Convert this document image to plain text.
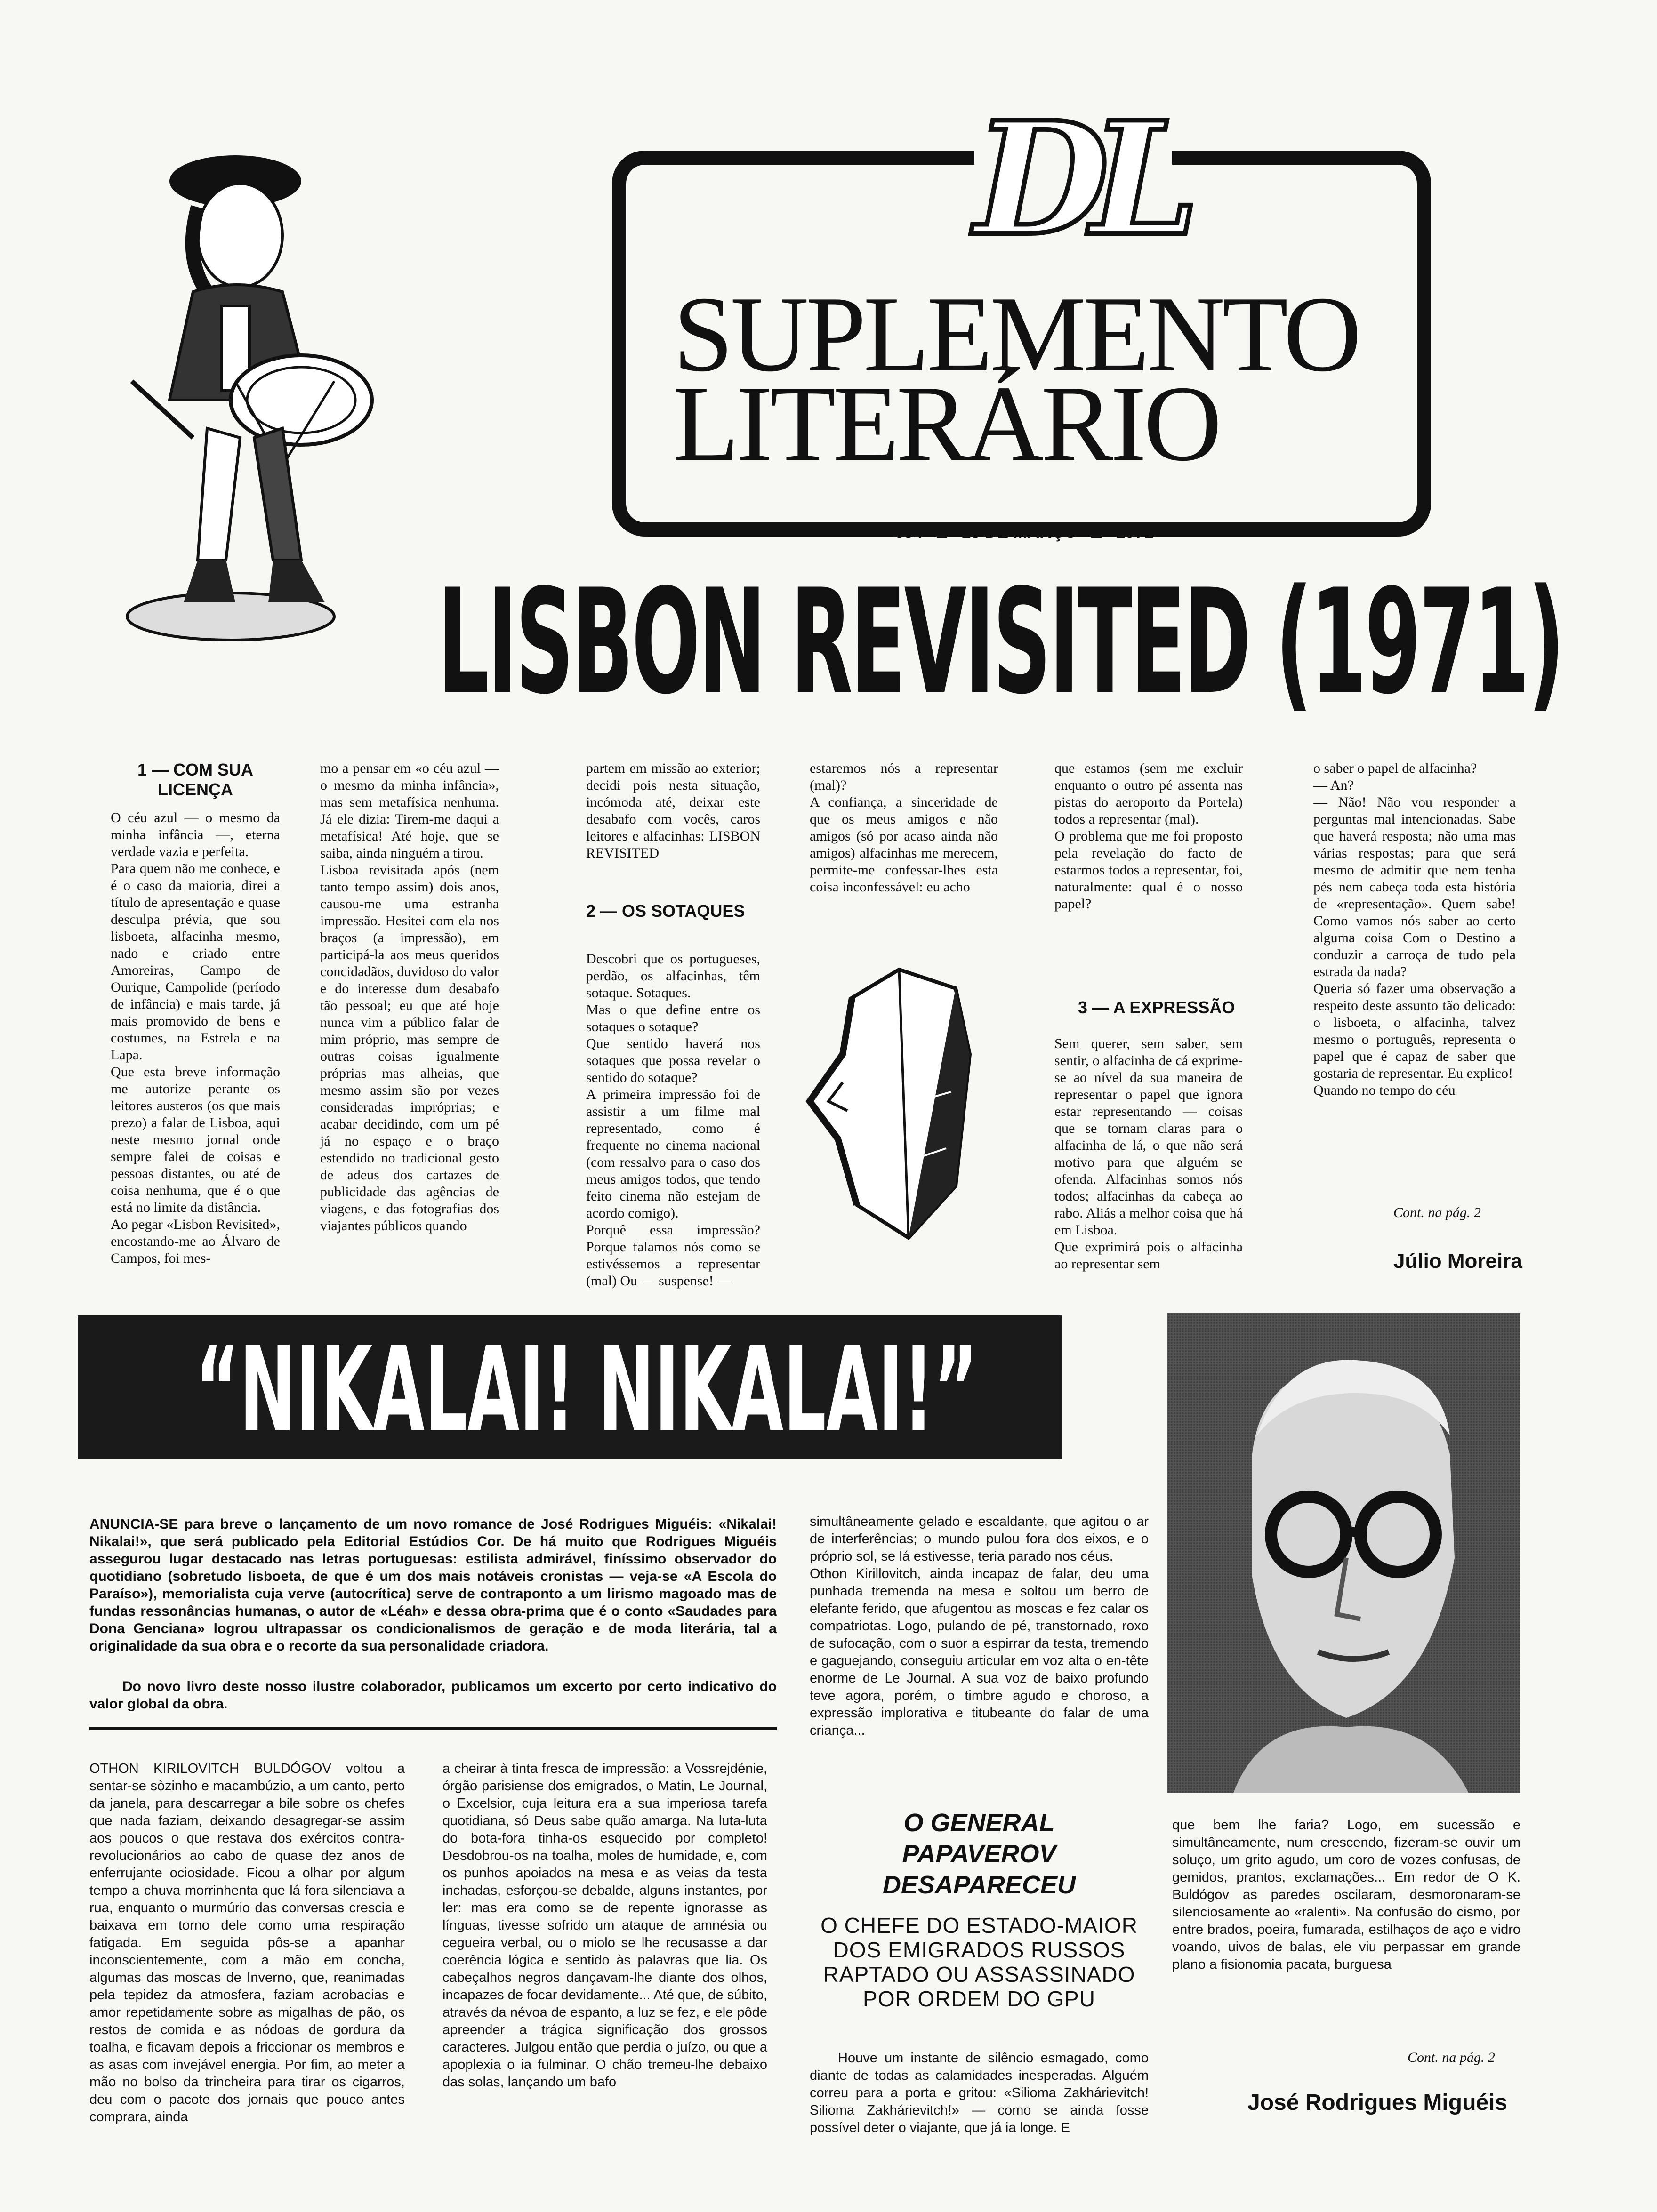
DL
SUPLEMENTO
LITERÁRIO
654 18 DE MARÇO 1971
LISBON REVISITED (1971)
1 — COM SUA LICENÇA
O céu azul — o mesmo da minha infância —, eterna verdade vazia e perfeita.
Para quem não me conhece, e é o caso da maioria, direi a título de apresentação e quase desculpa prévia, que sou lisboeta, alfacinha mesmo, nado e criado entre Amoreiras, Campo de Ourique, Campolide (período de infância) e mais tarde, já mais promovido de bens e costumes, na Estrela e na Lapa.
Que esta breve informação me autorize perante os leitores austeros (os que mais prezo) a falar de Lisboa, aqui neste mesmo jornal onde sempre falei de coisas e pessoas distantes, ou até de coisa nenhuma, que é o que está no limite da distância.
Ao pegar «Lisbon Revisited», encostando-me ao Álvaro de Campos, foi mes-
mo a pensar em «o céu azul — o mesmo da minha infância», mas sem metafísica nenhuma. Já ele dizia: Tirem-me daqui a metafísica! Até hoje, que se saiba, ainda ninguém a tirou.
Lisboa revisitada após (nem tanto tempo assim) dois anos, causou-me uma estranha impressão. Hesitei com ela nos braços (a impressão), em participá-la aos meus queridos concidadãos, duvidoso do valor e do interesse dum desabafo tão pessoal; eu que até hoje nunca vim a público falar de mim próprio, mas sempre de outras coisas igualmente próprias mas alheias, que mesmo assim são por vezes consideradas impróprias; e acabar decidindo, com um pé já no espaço e o braço estendido no tradicional gesto de adeus dos cartazes de publicidade das agências de viagens, e das fotografias dos viajantes públicos quando
partem em missão ao exterior; decidi pois nesta situação, incómoda até, deixar este desabafo com vocês, caros leitores e alfacinhas: LISBON REVISITED
2 — OS SOTAQUES
Descobri que os portugueses, perdão, os alfacinhas, têm sotaque. Sotaques.
Mas o que define entre os sotaques o sotaque?
Que sentido haverá nos sotaques que possa revelar o sentido do sotaque?
A primeira impressão foi de assistir a um filme mal representado, como é frequente no cinema nacional (com ressalvo para o caso dos meus amigos todos, que tendo feito cinema não estejam de acordo comigo).
Porquê essa impressão? Porque falamos nós como se estivéssemos a representar (mal) Ou — suspense! —
estaremos nós a representar (mal)?
A confiança, a sinceridade de que os meus amigos e não amigos (só por acaso ainda não amigos) alfacinhas me merecem, permite-me confessar-lhes esta coisa inconfessável: eu acho
que estamos (sem me excluir enquanto o outro pé assenta nas pistas do aeroporto da Portela) todos a representar (mal).
O problema que me foi proposto pela revelação do facto de estarmos todos a representar, foi, naturalmente: qual é o nosso papel?
3 — A EXPRESSÃO
Sem querer, sem saber, sem sentir, o alfacinha de cá exprime-se ao nível da sua maneira de representar o papel que ignora estar representando — coisas que se tornam claras para o alfacinha de lá, o que não será motivo para que alguém se ofenda. Alfacinhas somos nós todos; alfacinhas da cabeça ao rabo. Aliás a melhor coisa que há em Lisboa.
Que exprimirá pois o alfacinha ao representar sem
o saber o papel de alfacinha?
— An?
— Não! Não vou responder a perguntas mal intencionadas. Sabe que haverá resposta; não uma mas várias respostas; para que será mesmo de admitir que nem tenha pés nem cabeça toda esta história de «representação». Quem sabe! Como vamos nós saber ao certo alguma coisa Com o Destino a conduzir a carroça de tudo pela estrada da nada?
Queria só fazer uma observação a respeito deste assunto tão delicado: o lisboeta, o alfacinha, talvez mesmo o português, representa o papel que é capaz de saber que gostaria de representar. Eu explico!
Quando no tempo do céu
Cont. na pág. 2
Júlio Moreira
“NIKALAI! NIKALAI!”
ANUNCIA-SE para breve o lançamento de um novo romance de José Rodrigues Miguéis: «Nikalai! Nikalai!», que será publicado pela Editorial Estúdios Cor. De há muito que Rodrigues Miguéis assegurou lugar destacado nas letras portuguesas: estilista admirável, finíssimo observador do quotidiano (sobretudo lisboeta, de que é um dos mais notáveis cronistas — veja-se «A Escola do Paraíso»), memorialista cuja verve (autocrítica) serve de contraponto a um lirismo magoado mas de fundas ressonâncias humanas, o autor de «Léah» e dessa obra-prima que é o conto «Saudades para Dona Genciana» logrou ultrapassar os condicionalismos de geração e de moda literária, tal a originalidade da sua obra e o recorte da sua personalidade criadora.
Do novo livro deste nosso ilustre colaborador, publicamos um excerto por certo indicativo do valor global da obra.
OTHON KIRILOVITCH BULDÓGOV voltou a sentar-se sòzinho e macambúzio, a um canto, perto da janela, para descarregar a bile sobre os chefes que nada faziam, deixando desagregar-se assim aos poucos o que restava dos exércitos contra-revolucionários ao cabo de quase dez anos de enferrujante ociosidade. Ficou a olhar por algum tempo a chuva morrinhenta que lá fora silenciava a rua, enquanto o murmúrio das conversas crescia e baixava em torno dele como uma respiração fatigada. Em seguida pôs-se a apanhar inconscientemente, com a mão em concha, algumas das moscas de Inverno, que, reanimadas pela tepidez da atmosfera, faziam acrobacias e amor repetidamente sobre as migalhas de pão, os restos de comida e as nódoas de gordura da toalha, e ficavam depois a friccionar os membros e as asas com invejável energia. Por fim, ao meter a mão no bolso da trincheira para tirar os cigarros, deu com o pacote dos jornais que pouco antes comprara, ainda
a cheirar à tinta fresca de impressão: a Vossrejdénie, órgão parisiense dos emigrados, o Matin, Le Journal, o Excelsior, cuja leitura era a sua imperiosa tarefa quotidiana, só Deus sabe quão amarga. Na luta-luta do bota-fora tinha-os esquecido por completo! Desdobrou-os na toalha, moles de humidade, e, com os punhos apoiados na mesa e as veias da testa inchadas, esforçou-se debalde, alguns instantes, por ler: mas era como se de repente ignorasse as línguas, tivesse sofrido um ataque de amnésia ou cegueira verbal, ou o miolo se lhe recusasse a dar coerência lógica e sentido às palavras que lia. Os cabeçalhos negros dançavam-lhe diante dos olhos, incapazes de focar devidamente... Até que, de súbito, através da névoa de espanto, a luz se fez, e ele pôde apreender a trágica significação dos grossos caracteres. Julgou então que perdia o juízo, ou que a apoplexia o ia fulminar. O chão tremeu-lhe debaixo das solas, lançando um bafo
simultâneamente gelado e escaldante, que agitou o ar de interferências; o mundo pulou fora dos eixos, e o próprio sol, se lá estivesse, teria parado nos céus.
Othon Kirillovitch, ainda incapaz de falar, deu uma punhada tremenda na mesa e soltou um berro de elefante ferido, que afugentou as moscas e fez calar os compatriotas. Logo, pulando de pé, transtornado, roxo de sufocação, com o suor a espirrar da testa, tremendo e gaguejando, conseguiu articular em voz alta o en-tête enorme de Le Journal. A sua voz de baixo profundo teve agora, porém, o timbre agudo e choroso, a expressão implorativa e titubeante do falar de uma criança...
O GENERAL PAPAVEROV DESAPARECEU
O CHEFE DO ESTADO-MAIOR DOS EMIGRADOS RUSSOS RAPTADO OU ASSASSINADO POR ORDEM DO GPU
Houve um instante de silêncio esmagado, como diante de todas as calamidades inesperadas. Alguém correu para a porta e gritou: «Silioma Zakhárievitch! Silioma Zakhárievitch!» — como se ainda fosse possível deter o viajante, que já ia longe. E
que bem lhe faria? Logo, em sucessão e simultâneamente, num crescendo, fizeram-se ouvir um soluço, um grito agudo, um coro de vozes confusas, de gemidos, prantos, exclamações... Em redor de O K. Buldógov as paredes oscilaram, desmoronaram-se silenciosamente ao «ralenti». Na confusão do cismo, por entre brados, poeira, fumarada, estilhaços de aço e vidro voando, uivos de balas, ele viu perpassar em grande plano a fisionomia pacata, burguesa
Cont. na pág. 2
José Rodrigues Miguéis
